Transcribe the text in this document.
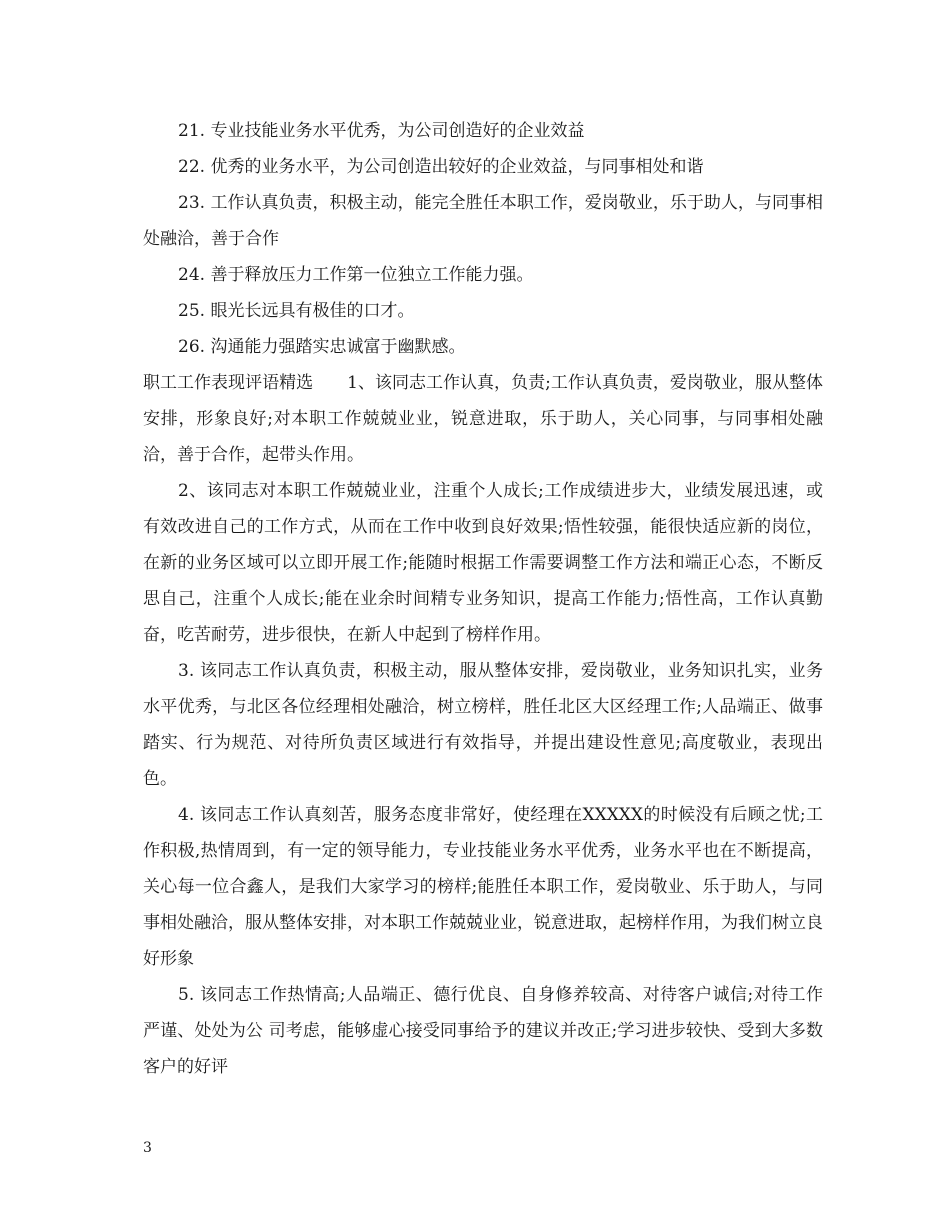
21. 专业技能业务水平优秀，为公司创造好的企业效益

22. 优秀的业务水平，为公司创造出较好的企业效益，与同事相处和谐

23. 工作认真负责，积极主动，能完全胜任本职工作，爱岗敬业，乐于助人，与同事相处融洽，善于合作

24. 善于释放压力工作第一位独立工作能力强。

25. 眼光长远具有极佳的口才。

26. 沟通能力强踏实忠诚富于幽默感。

职工工作表现评语精选　　1、该同志工作认真，负责;工作认真负责，爱岗敬业，服从整体安排，形象良好;对本职工作兢兢业业，锐意进取，乐于助人，关心同事，与同事相处融洽，善于合作，起带头作用。

2、该同志对本职工作兢兢业业，注重个人成长;工作成绩进步大，业绩发展迅速，或有效改进自己的工作方式，从而在工作中收到良好效果;悟性较强，能很快适应新的岗位，在新的业务区域可以立即开展工作;能随时根据工作需要调整工作方法和端正心态，不断反思自己，注重个人成长;能在业余时间精专业务知识，提高工作能力;悟性高，工作认真勤奋，吃苦耐劳，进步很快，在新人中起到了榜样作用。

3. 该同志工作认真负责，积极主动，服从整体安排，爱岗敬业，业务知识扎实，业务水平优秀，与北区各位经理相处融洽，树立榜样，胜任北区大区经理工作;人品端正、做事踏实、行为规范、对待所负责区域进行有效指导，并提出建设性意见;高度敬业，表现出色。

4. 该同志工作认真刻苦，服务态度非常好，使经理在XXXXX的时候没有后顾之忧;工作积极,热情周到，有一定的领导能力，专业技能业务水平优秀，业务水平也在不断提高，关心每一位合鑫人，是我们大家学习的榜样;能胜任本职工作，爱岗敬业、乐于助人，与同事相处融洽，服从整体安排，对本职工作兢兢业业，锐意进取，起榜样作用，为我们树立良好形象

5. 该同志工作热情高;人品端正、德行优良、自身修养较高、对待客户诚信;对待工作严谨、处处为公 司考虑，能够虚心接受同事给予的建议并改正;学习进步较快、受到大多数客户的好评

3
